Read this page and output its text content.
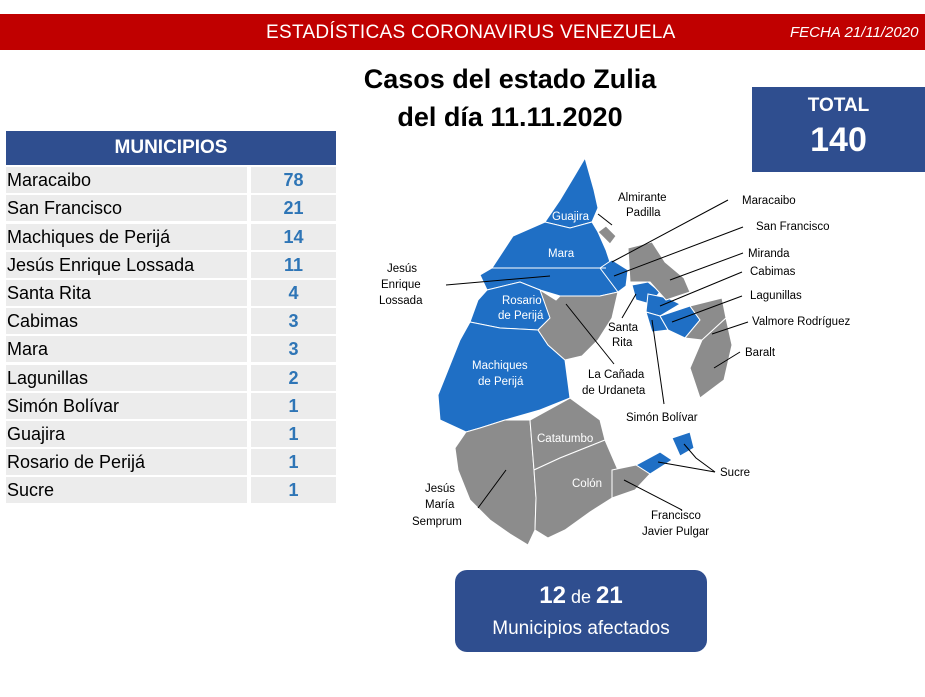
ESTADÍSTICAS CORONAVIRUS VENEZUELA	FECHA 21/11/2020
Casos del estado Zulia
del día 11.11.2020	TOTAL
140
MUNICIPIOS
Maracaibo	78
San Francisco	21
Machiques de Perijá	14
Jesús Enrique Lossada	11
Santa Rita	4
Cabimas	3
Mara	3
Lagunillas	2
Simón Bolívar	1
Guajira	1
Rosario de Perijá	1
Sucre	1
Guajira
Mara
Rosario
de Perijá
Machiques
de Perijá
Catatumbo
Colón
Almirante
Padilla
Maracaibo
San Francisco
Miranda
Cabimas
Lagunillas
Valmore Rodríguez
Baralt
Jesús
Enrique
Lossada
Santa
Rita
La Cañada
de Urdaneta
Simón Bolívar
Sucre
Jesús
María
Semprum	Francisco
Javier Pulgar
12 de 21
Municipios afectados
